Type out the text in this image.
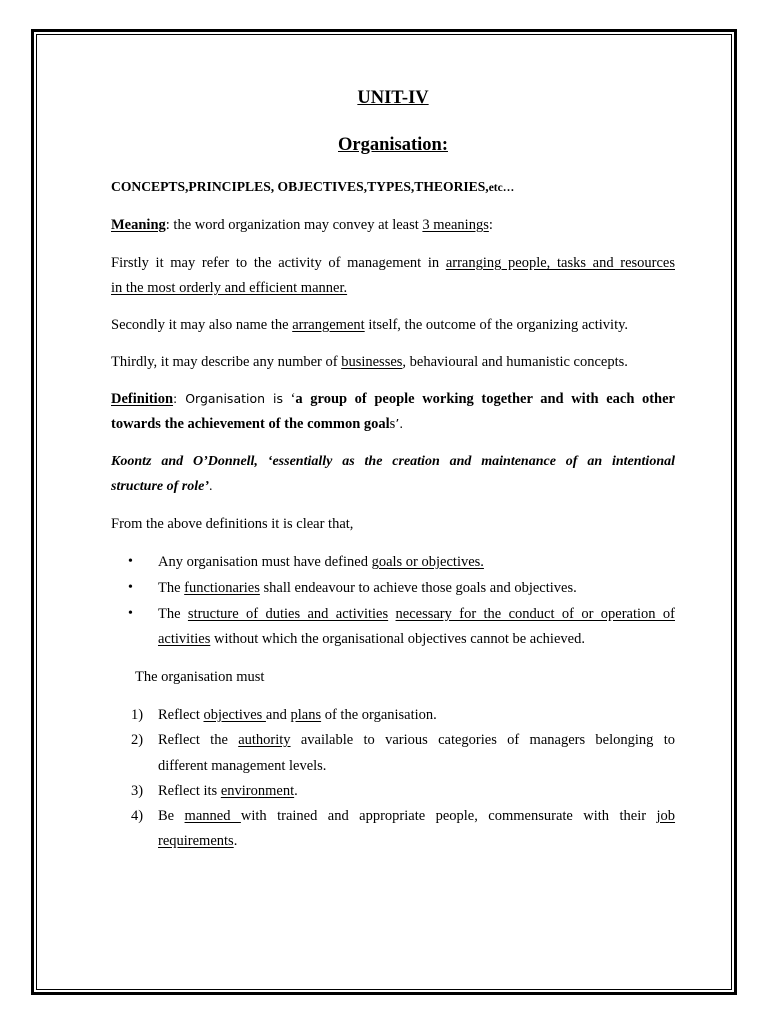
UNIT-IV
Organisation:
CONCEPTS,PRINCIPLES, OBJECTIVES,TYPES,THEORIES,etc…
Meaning: the word organization may convey at least 3 meanings:
Firstly it may refer to the activity of management in arranging people, tasks and resources
in the most orderly and efficient manner.
Secondly it may also name the arrangement itself, the outcome of the organizing activity.
Thirdly, it may describe any number of businesses, behavioural and humanistic concepts.
Definition: Organisation is ‘a group of people working together and with each other
towards the achievement of the common goals’.
Koontz and O’Donnell, ‘essentially as the creation and maintenance of an intentional
structure of role’.
From the above definitions it is clear that,
• Any organisation must have defined goals or objectives.
• The functionaries shall endeavour to achieve those goals and objectives.
• The structure of duties and activities necessary for the conduct of or operation of
activities without which the organisational objectives cannot be achieved.
The organisation must
1) Reflect objectives and plans of the organisation.
2) Reflect the authority available to various categories of managers belonging to
different management levels.
3) Reflect its environment.
4) Be manned with trained and appropriate people, commensurate with their job
requirements.
